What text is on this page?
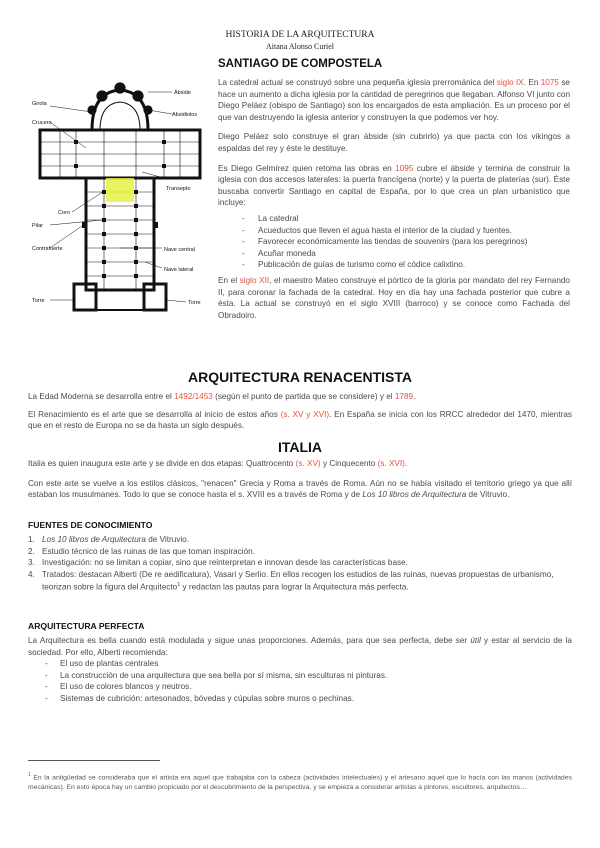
HISTORIA DE LA ARQUITECTURA
Aitana Alonso Curiel
Ábside
Girola
Absidiolos
Crucero
Coro
Transepto
Pilar
Nave central
Contrafuerte
Nave lateral
Torre	Torre
SANTIAGO DE COMPOSTELA

La catedral actual se construyó sobre una pequeña iglesia prerrománica del siglo IX. En 1075 se hace un aumento a dicha iglesia por la cantidad de peregrinos que llegaban. Alfonso VI junto con Diego Peláez (obispo de Santiago) son los encargados de esta ampliación. Es un proceso por el que van destruyendo la iglesia anterior y construyen la que podemos ver hoy.

Diego Peláez solo construye el gran ábside (sin cubrirlo) ya que pacta con los vikingos a espaldas del rey y éste le destituye.

Es Diego Gelmírez quien retoma las obras en 1095 cubre el ábside y termina de construir la iglesia con dos accesos laterales: la puerta francígena (norte) y la puerta de platerías (sur). Éste buscaba convertir Santiago en capital de España, por lo que crea un plan urbanístico que incluye:

- La catedral
- Acueductos que lleven el agua hasta el interior de la ciudad y fuentes.
- Favorecer económicamente las tiendas de souvenirs (para los peregrinos)
- Acuñar moneda
- Publicación de guías de turismo como el códice calixtino.

En el siglo XII, el maestro Mateo construye el pórtico de la gloria por mandato del rey Fernando II, para coronar la fachada de la catedral. Hoy en día hay una fachada posterior que cubre a ésta. La actual se construyó en el siglo XVIII (barroco) y se conoce como Fachada del Obradoiro.

ARQUITECTURA RENACENTISTA

La Edad Moderna se desarrolla entre el 1492/1453 (según el punto de partida que se considere) y el 1789.

El Renacimiento es el arte que se desarrolla al inicio de estos años (s. XV y XVI). En España se inicia con los RRCC alrededor del 1470, mientras que en el resto de Europa no se da hasta un siglo después.

ITALIA

Italia es quien inaugura este arte y se divide en dos etapas: Quattrocento (s. XV) y Cinquecento (s. XVI).

Con este arte se vuelve a los estilos clásicos, "renacen" Grecia y Roma a través de Roma. Aún no se había visitado el territorio griego ya que allí estaban los musulmanes. Todo lo que se conoce hasta el s. XVIII es a través de Roma y de Los 10 libros de Arquitectura de Vitruvio.

FUENTES DE CONOCIMIENTO
1. Los 10 libros de Arquitectura de Vitruvio.
2. Estudio técnico de las ruinas de las que toman inspiración.
3. Investigación: no se limitan a copiar, sino que reinterpretan e innovan desde las características base.
4. Tratados: destacan Alberti (De re aedificatura), Vasari y Serlio. En ellos recogen los estudios de las ruinas, nuevas propuestas de urbanismo, teorizan sobre la figura del Arquitecto$^1$ y redactan las pautas para lograr la Arquitectura más perfecta.
ARQUITECTURA PERFECTA

La Arquitectura es bella cuando está modulada y sigue unas proporciones. Además, para que sea perfecta, debe ser útil y estar al servicio de la sociedad. Por ello, Alberti recomienda:

- El uso de plantas centrales
- La construcción de una arquitectura que sea bella por sí misma, sin esculturas ni pinturas.
- El uso de colores blancos y neutros.
- Sistemas de cubrición: artesonados, bóvedas y cúpulas sobre muros o pechinas.
$^1$ En la antigüedad se consideraba que el artista era aquel que trabajaba con la cabeza (actividades intelectuales) y el artesano aquel que lo hacía con las manos (actividades mecánicas). En esto época hay un cambio propiciado por el descubrimiento de la perspectiva, y se empieza a considerar artistas a pintores, escultores, arquitectos…
